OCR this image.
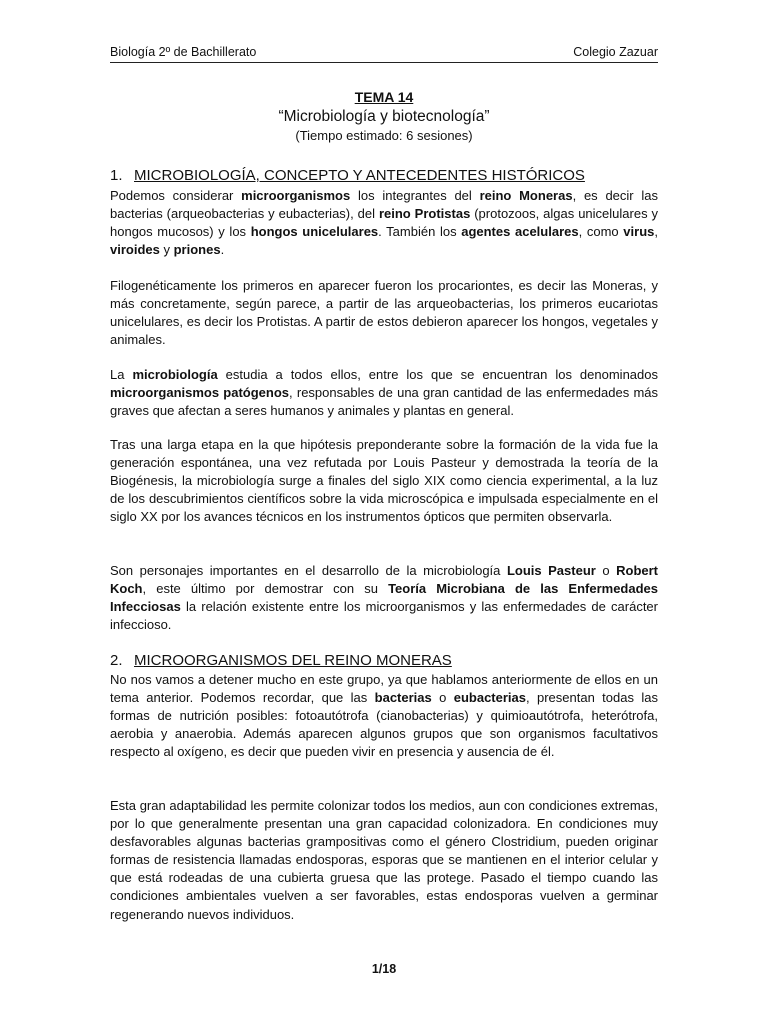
Biología 2º de Bachillerato	Colegio Zazuar
TEMA 14
“Microbiología y biotecnología”
(Tiempo estimado: 6 sesiones)
1. MICROBIOLOGÍA, CONCEPTO Y ANTECEDENTES HISTÓRICOS

Podemos considerar microorganismos los integrantes del reino Moneras, es decir las bacterias (arqueobacterias y eubacterias), del reino Protistas (protozoos, algas unicelulares y hongos mucosos) y los hongos unicelulares. También los agentes acelulares, como virus, viroides y priones.

Filogenéticamente los primeros en aparecer fueron los procariontes, es decir las Moneras, y más concretamente, según parece, a partir de las arqueobacterias, los primeros eucariotas unicelulares, es decir los Protistas. A partir de estos debieron aparecer los hongos, vegetales y animales.

La microbiología estudia a todos ellos, entre los que se encuentran los denominados microorganismos patógenos, responsables de una gran cantidad de las enfermedades más graves que afectan a seres humanos y animales y plantas en general.

Tras una larga etapa en la que hipótesis preponderante sobre la formación de la vida fue la generación espontánea, una vez refutada por Louis Pasteur y demostrada la teoría de la Biogénesis, la microbiología surge a finales del siglo XIX como ciencia experimental, a la luz de los descubrimientos científicos sobre la vida microscópica e impulsada especialmente en el siglo XX por los avances técnicos en los instrumentos ópticos que permiten observarla.

Son personajes importantes en el desarrollo de la microbiología Louis Pasteur o Robert Koch, este último por demostrar con su Teoría Microbiana de las Enfermedades Infecciosas la relación existente entre los microorganismos y las enfermedades de carácter infeccioso.

2. MICROORGANISMOS DEL REINO MONERAS

No nos vamos a detener mucho en este grupo, ya que hablamos anteriormente de ellos en un tema anterior. Podemos recordar, que las bacterias o eubacterias, presentan todas las formas de nutrición posibles: fotoautótrofa (cianobacterias) y quimioautótrofa, heterótrofa, aerobia y anaerobia. Además aparecen algunos grupos que son organismos facultativos respecto al oxígeno, es decir que pueden vivir en presencia y ausencia de él.

Esta gran adaptabilidad les permite colonizar todos los medios, aun con condiciones extremas, por lo que generalmente presentan una gran capacidad colonizadora. En condiciones muy desfavorables algunas bacterias grampositivas como el género Clostridium, pueden originar formas de resistencia llamadas endosporas, esporas que se mantienen en el interior celular y que está rodeadas de una cubierta gruesa que las protege. Pasado el tiempo cuando las condiciones ambientales vuelven a ser favorables, estas endosporas vuelven a germinar regenerando nuevos individuos.

1/18
